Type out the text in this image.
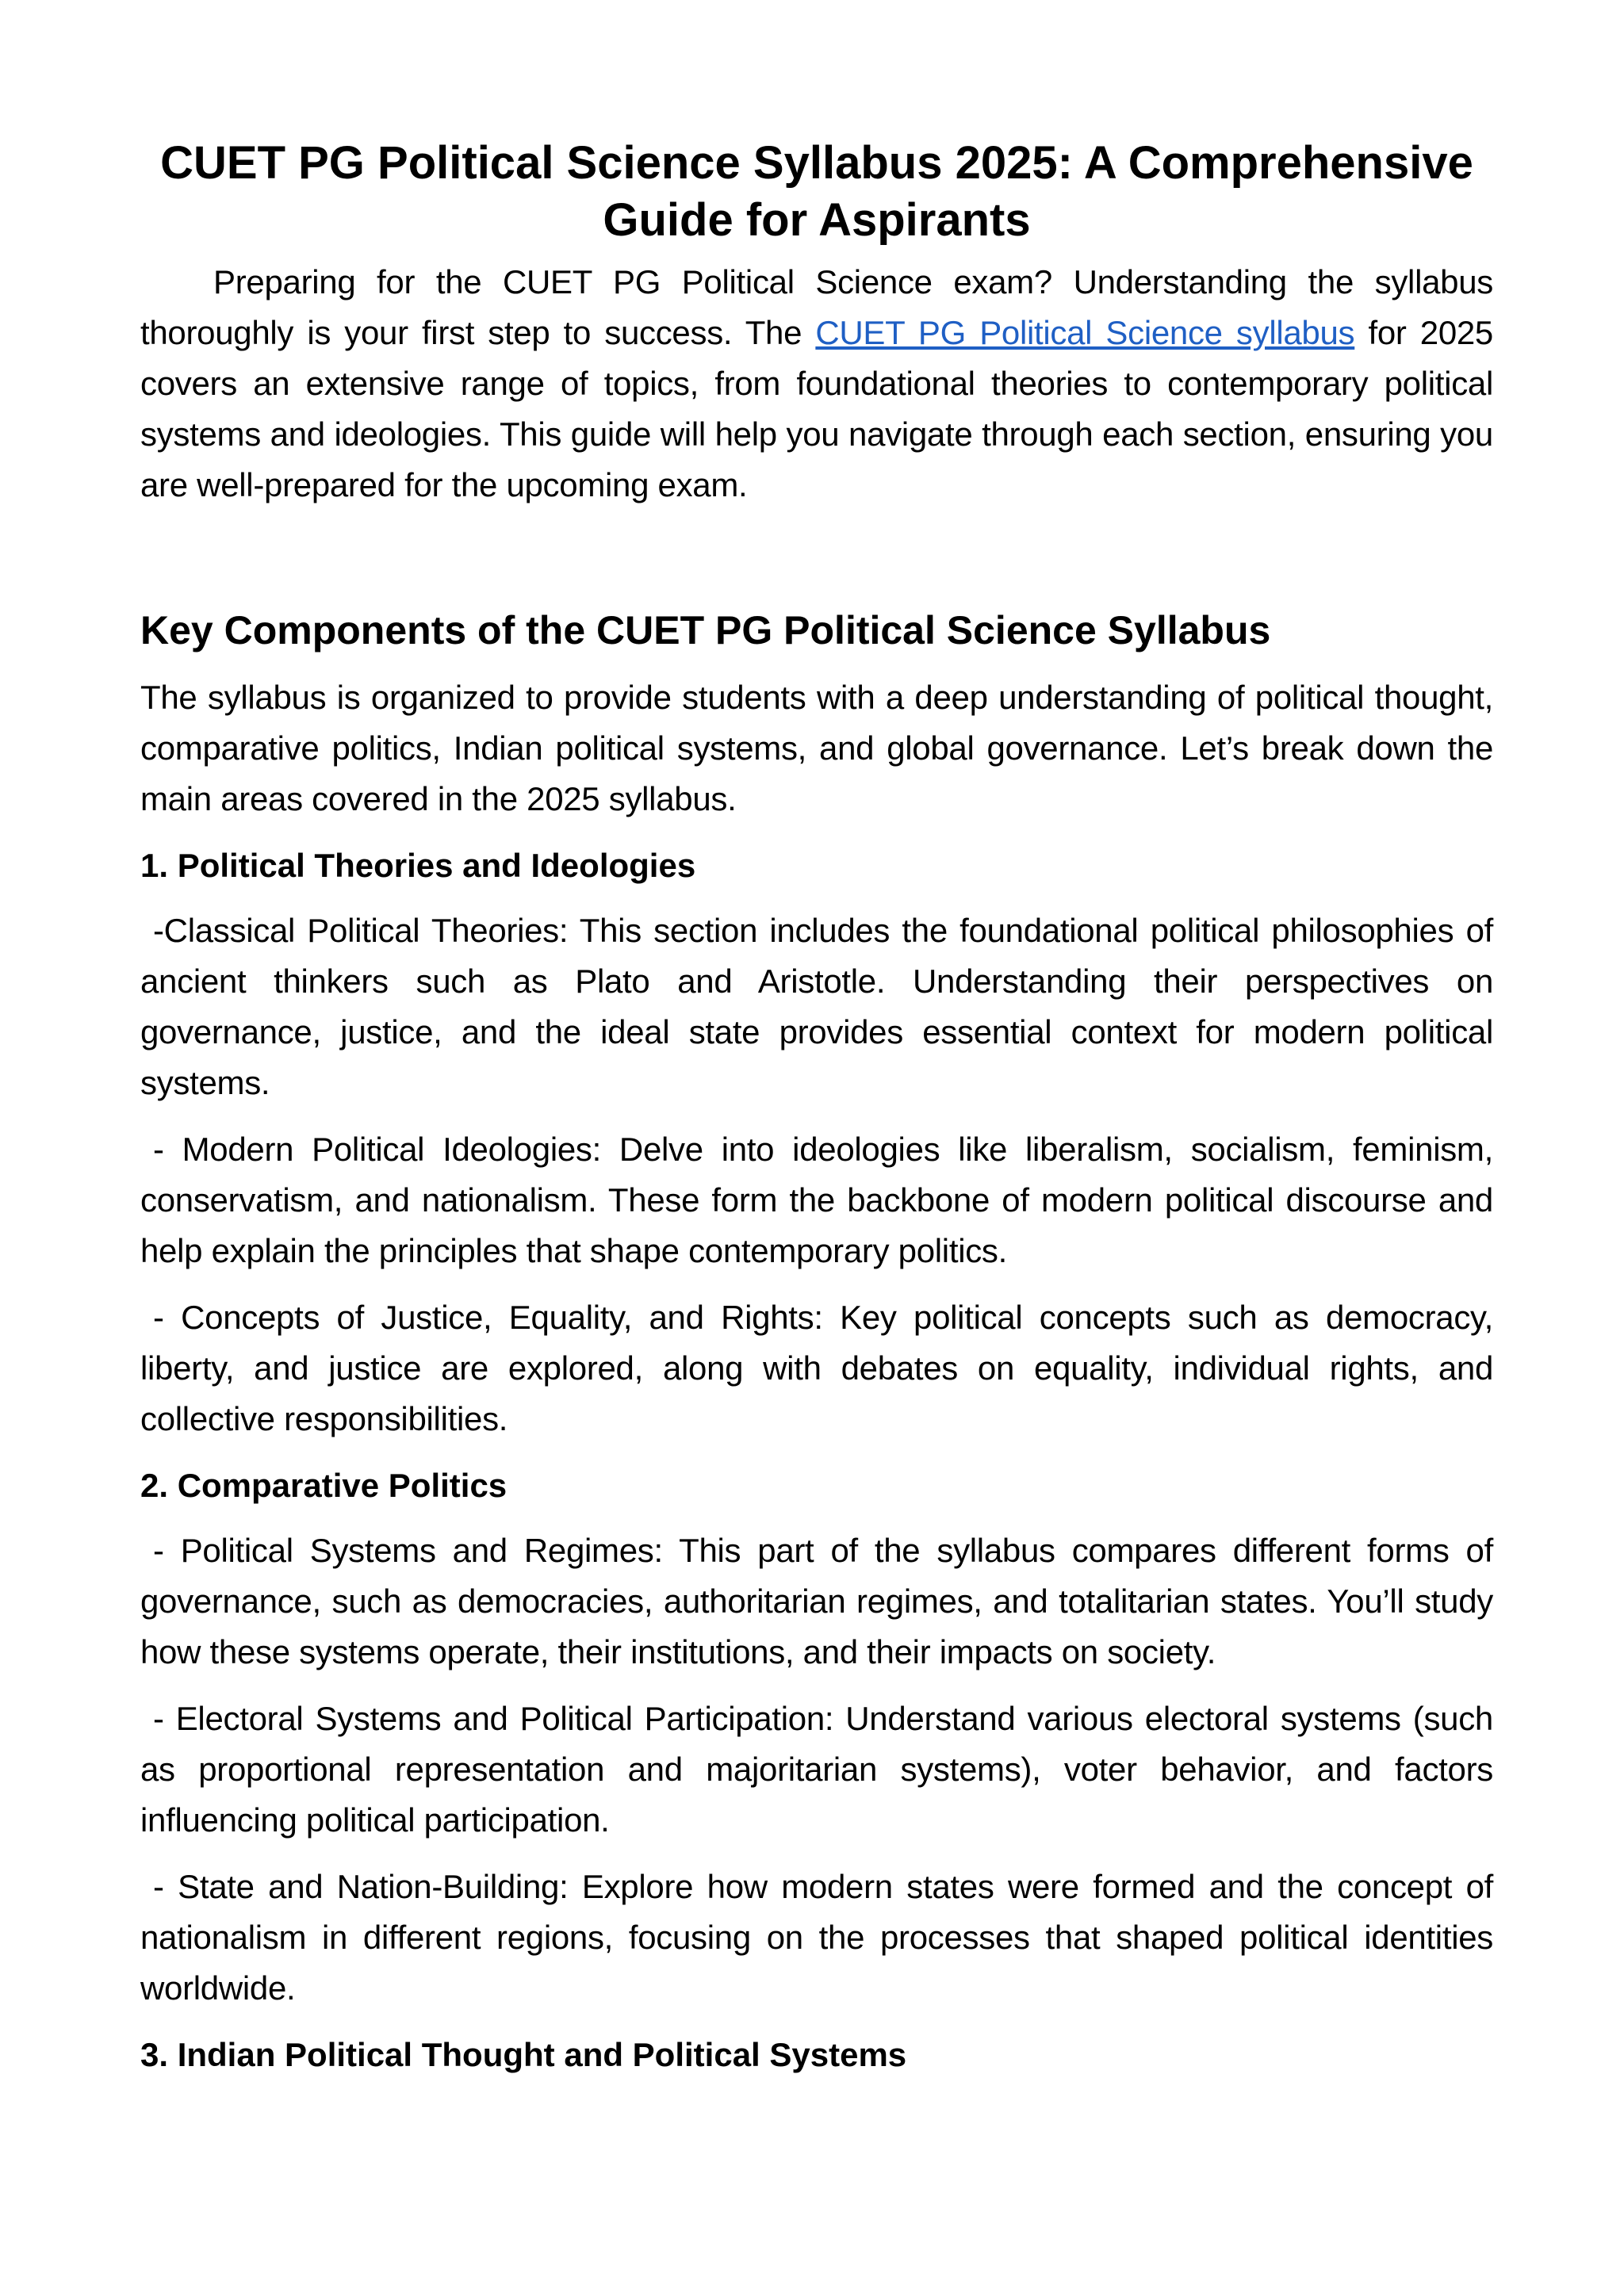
CUET PG Political Science Syllabus 2025: A Comprehensive Guide for Aspirants

Preparing for the CUET PG Political Science exam? Understanding the syllabus thoroughly is your first step to success. The CUET PG Political Science syllabus for 2025 covers an extensive range of topics, from foundational theories to contemporary political systems and ideologies. This guide will help you navigate through each section, ensuring you are well-prepared for the upcoming exam.

Key Components of the CUET PG Political Science Syllabus

The syllabus is organized to provide students with a deep understanding of political thought, comparative politics, Indian political systems, and global governance. Let’s break down the main areas covered in the 2025 syllabus.

1. Political Theories and Ideologies

-Classical Political Theories: This section includes the foundational political philosophies of ancient thinkers such as Plato and Aristotle. Understanding their perspectives on governance, justice, and the ideal state provides essential context for modern political systems.

- Modern Political Ideologies: Delve into ideologies like liberalism, socialism, feminism, conservatism, and nationalism. These form the backbone of modern political discourse and help explain the principles that shape contemporary politics.

- Concepts of Justice, Equality, and Rights: Key political concepts such as democracy, liberty, and justice are explored, along with debates on equality, individual rights, and collective responsibilities.

2. Comparative Politics

- Political Systems and Regimes: This part of the syllabus compares different forms of governance, such as democracies, authoritarian regimes, and totalitarian states. You’ll study how these systems operate, their institutions, and their impacts on society.

- Electoral Systems and Political Participation: Understand various electoral systems (such as proportional representation and majoritarian systems), voter behavior, and factors influencing political participation.

- State and Nation-Building: Explore how modern states were formed and the concept of nationalism in different regions, focusing on the processes that shaped political identities worldwide.

3. Indian Political Thought and Political Systems
